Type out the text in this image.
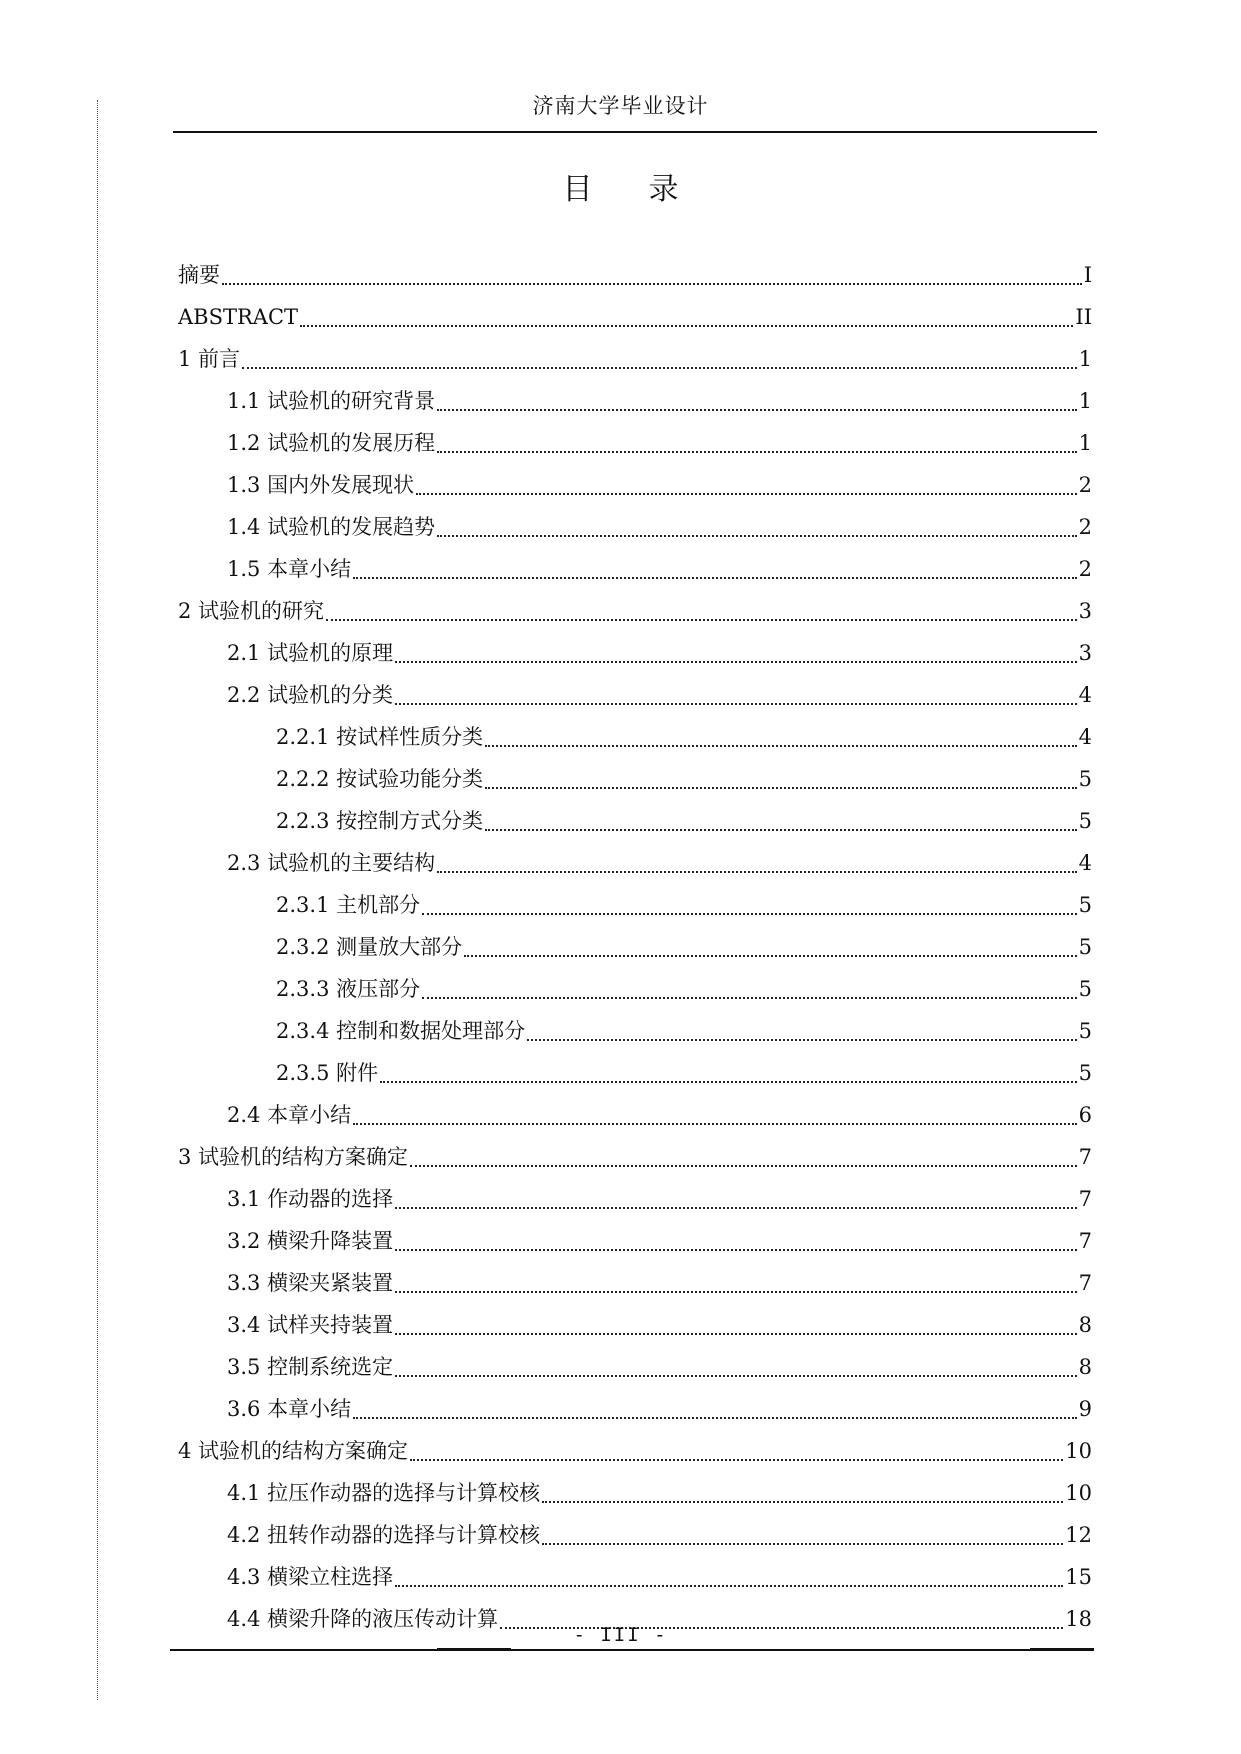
济南大学毕业设计
目 录
摘要	I
ABSTRACT	II
1 前言	1
1.1 试验机的研究背景	1
1.2 试验机的发展历程	1
1.3 国内外发展现状	2
1.4 试验机的发展趋势	2
1.5 本章小结	2
2 试验机的研究	3
2.1 试验机的原理	3
2.2 试验机的分类	4
2.2.1 按试样性质分类	4
2.2.2 按试验功能分类	5
2.2.3 按控制方式分类	5
2.3 试验机的主要结构	4
2.3.1 主机部分	5
2.3.2 测量放大部分	5
2.3.3 液压部分	5
2.3.4 控制和数据处理部分	5
2.3.5 附件	5
2.4 本章小结	6
3 试验机的结构方案确定	7
3.1 作动器的选择	7
3.2 横梁升降装置	7
3.3 横梁夹紧装置	7
3.4 试样夹持装置	8
3.5 控制系统选定	8
3.6 本章小结	9
4 试验机的结构方案确定	10
4.1 拉压作动器的选择与计算校核	10
4.2 扭转作动器的选择与计算校核	12
4.3 横梁立柱选择	15
4.4 横梁升降的液压传动计算	18
- III -
